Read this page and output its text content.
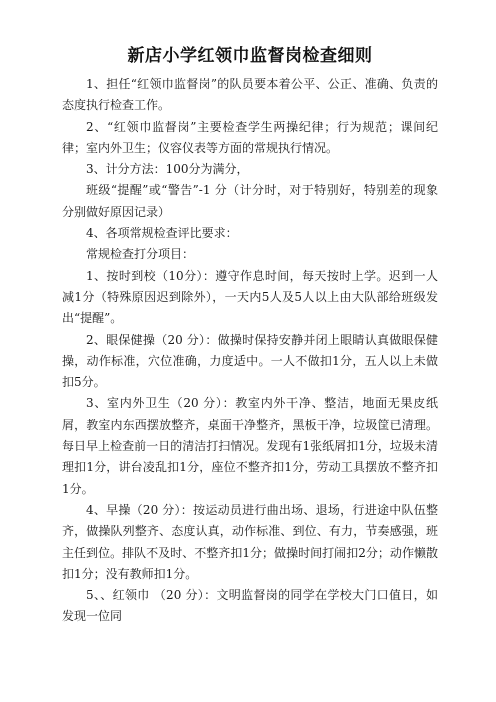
新店小学红领巾监督岗检查细则

1、担任“红领巾监督岗”的队员要本着公平、公正、准确、负责的态度执行检查工作。

2、“红领巾监督岗”主要检查学生两操纪律；行为规范；课间纪律；室内外卫生；仪容仪表等方面的常规执行情况。

3、计分方法：100分为满分，

班级“提醒”或“警告”-1 分（计分时，对于特别好，特别差的现象分别做好原因记录）

4、各项常规检查评比要求：

常规检查打分项目：

1、按时到校（10分）：遵守作息时间，每天按时上学。迟到一人减1分（特殊原因迟到除外），一天内5人及5人以上由大队部给班级发出“提醒”。

2、眼保健操（20 分）：做操时保持安静并闭上眼睛认真做眼保健操，动作标准，穴位准确，力度适中。一人不做扣1分，五人以上未做扣5分。

3、室内外卫生（20 分）：教室内外干净、整洁，地面无果皮纸屑，教室内东西摆放整齐，桌面干净整齐，黑板干净，垃圾筐已清理。每日早上检查前一日的清洁打扫情况。发现有1张纸屑扣1分，垃圾未清理扣1分，讲台凌乱扣1分，座位不整齐扣1分，劳动工具摆放不整齐扣1分。

4、早操（20 分）：按运动员进行曲出场、退场，行进途中队伍整齐，做操队列整齐、态度认真，动作标准、到位、有力，节奏感强，班主任到位。排队不及时、不整齐扣1分；做操时间打闹扣2分；动作懒散扣1分；没有教师扣1分。

5、、红领巾 （20 分）：文明监督岗的同学在学校大门口值日，如发现一位同
